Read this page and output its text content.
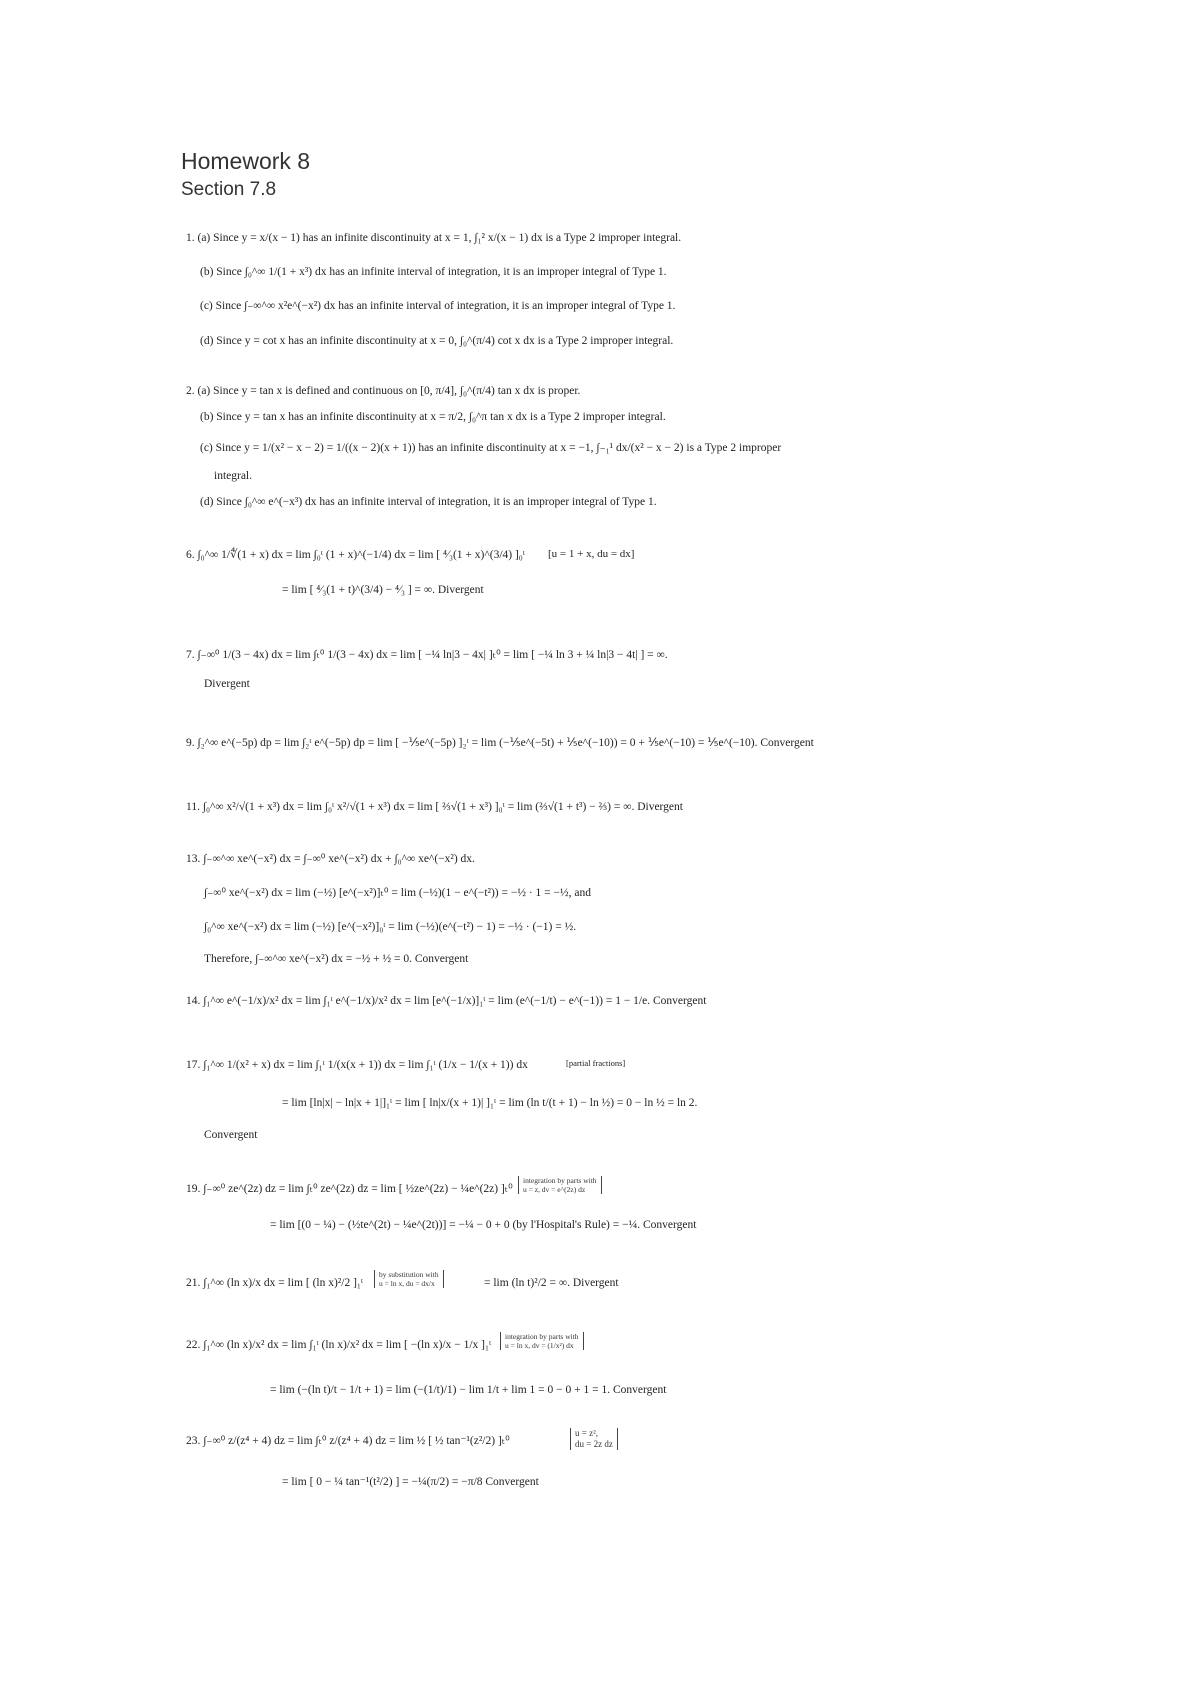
Homework 8
Section 7.8
1. (a) Since y = x/(x − 1) has an infinite discontinuity at x = 1, ∫₁² x/(x − 1) dx is a Type 2 improper integral.
(b) Since ∫₀^∞ 1/(1 + x³) dx has an infinite interval of integration, it is an improper integral of Type 1.
(c) Since ∫₋∞^∞ x²e^(−x²) dx has an infinite interval of integration, it is an improper integral of Type 1.
(d) Since y = cot x has an infinite discontinuity at x = 0, ∫₀^(π/4) cot x dx is a Type 2 improper integral.
2. (a) Since y = tan x is defined and continuous on [0, π/4], ∫₀^(π/4) tan x dx is proper.
(b) Since y = tan x has an infinite discontinuity at x = π/2, ∫₀^π tan x dx is a Type 2 improper integral.
(c) Since y = 1/(x² − x − 2) = 1/((x − 2)(x + 1)) has an infinite discontinuity at x = −1, ∫₋₁¹ dx/(x² − x − 2) is a Type 2 improper
integral.
(d) Since ∫₀^∞ e^(−x³) dx has an infinite interval of integration, it is an improper integral of Type 1.
6. ∫₀^∞ 1/∜(1 + x) dx = lim ∫₀ᵗ (1 + x)^(−1/4) dx = lim [ ⁴⁄₃(1 + x)^(3/4) ]₀ᵗ [u = 1 + x, du = dx]
= lim [ ⁴⁄₃(1 + t)^(3/4) − ⁴⁄₃ ] = ∞. Divergent
7. ∫₋∞⁰ 1/(3 − 4x) dx = lim ∫ₜ⁰ 1/(3 − 4x) dx = lim [ −¼ ln|3 − 4x| ]ₜ⁰ = lim [ −¼ ln 3 + ¼ ln|3 − 4t| ] = ∞.
Divergent
9. ∫₂^∞ e^(−5p) dp = lim ∫₂ᵗ e^(−5p) dp = lim [ −⅕e^(−5p) ]₂ᵗ = lim (−⅕e^(−5t) + ⅕e^(−10)) = 0 + ⅕e^(−10) = ⅕e^(−10). Convergent
11. ∫₀^∞ x²/√(1 + x³) dx = lim ∫₀ᵗ x²/√(1 + x³) dx = lim [ ⅔√(1 + x³) ]₀ᵗ = lim (⅔√(1 + t³) − ⅔) = ∞. Divergent
13. ∫₋∞^∞ xe^(−x²) dx = ∫₋∞⁰ xe^(−x²) dx + ∫₀^∞ xe^(−x²) dx.
∫₋∞⁰ xe^(−x²) dx = lim (−½) [e^(−x²)]ₜ⁰ = lim (−½)(1 − e^(−t²)) = −½ · 1 = −½, and
∫₀^∞ xe^(−x²) dx = lim (−½) [e^(−x²)]₀ᵗ = lim (−½)(e^(−t²) − 1) = −½ · (−1) = ½.
Therefore, ∫₋∞^∞ xe^(−x²) dx = −½ + ½ = 0. Convergent
14. ∫₁^∞ e^(−1/x)/x² dx = lim ∫₁ᵗ e^(−1/x)/x² dx = lim [e^(−1/x)]₁ᵗ = lim (e^(−1/t) − e^(−1)) = 1 − 1/e. Convergent
17. ∫₁^∞ 1/(x² + x) dx = lim ∫₁ᵗ 1/(x(x + 1)) dx = lim ∫₁ᵗ (1/x − 1/(x + 1)) dx	[partial fractions]
= lim [ln|x| − ln|x + 1|]₁ᵗ = lim [ ln|x/(x + 1)| ]₁ᵗ = lim (ln t/(t + 1) − ln ½) = 0 − ln ½ = ln 2.
Convergent
19. ∫₋∞⁰ ze^(2z) dz = lim ∫ₜ⁰ ze^(2z) dz = lim [ ½ze^(2z) − ¼e^(2z) ]ₜ⁰
integration by parts with
u = z, dv = e^(2z) dz
= lim [(0 − ¼) − (½te^(2t) − ¼e^(2t))] = −¼ − 0 + 0 (by l'Hospital's Rule) = −¼. Convergent
21. ∫₁^∞ (ln x)/x dx = lim [ (ln x)²/2 ]₁ᵗ
by substitution with
u = ln x, du = dx/x	= lim (ln t)²/2 = ∞. Divergent
22. ∫₁^∞ (ln x)/x² dx = lim ∫₁ᵗ (ln x)/x² dx = lim [ −(ln x)/x − 1/x ]₁ᵗ
integration by parts with
u = ln x, dv = (1/x²) dx
= lim (−(ln t)/t − 1/t + 1) = lim (−(1/t)/1) − lim 1/t + lim 1 = 0 − 0 + 1 = 1. Convergent
23. ∫₋∞⁰ z/(z⁴ + 4) dz = lim ∫ₜ⁰ z/(z⁴ + 4) dz = lim ½ [ ½ tan⁻¹(z²/2) ]ₜ⁰
u = z²,
du = 2z dz
= lim [ 0 − ¼ tan⁻¹(t²/2) ] = −¼(π/2) = −π/8 Convergent
